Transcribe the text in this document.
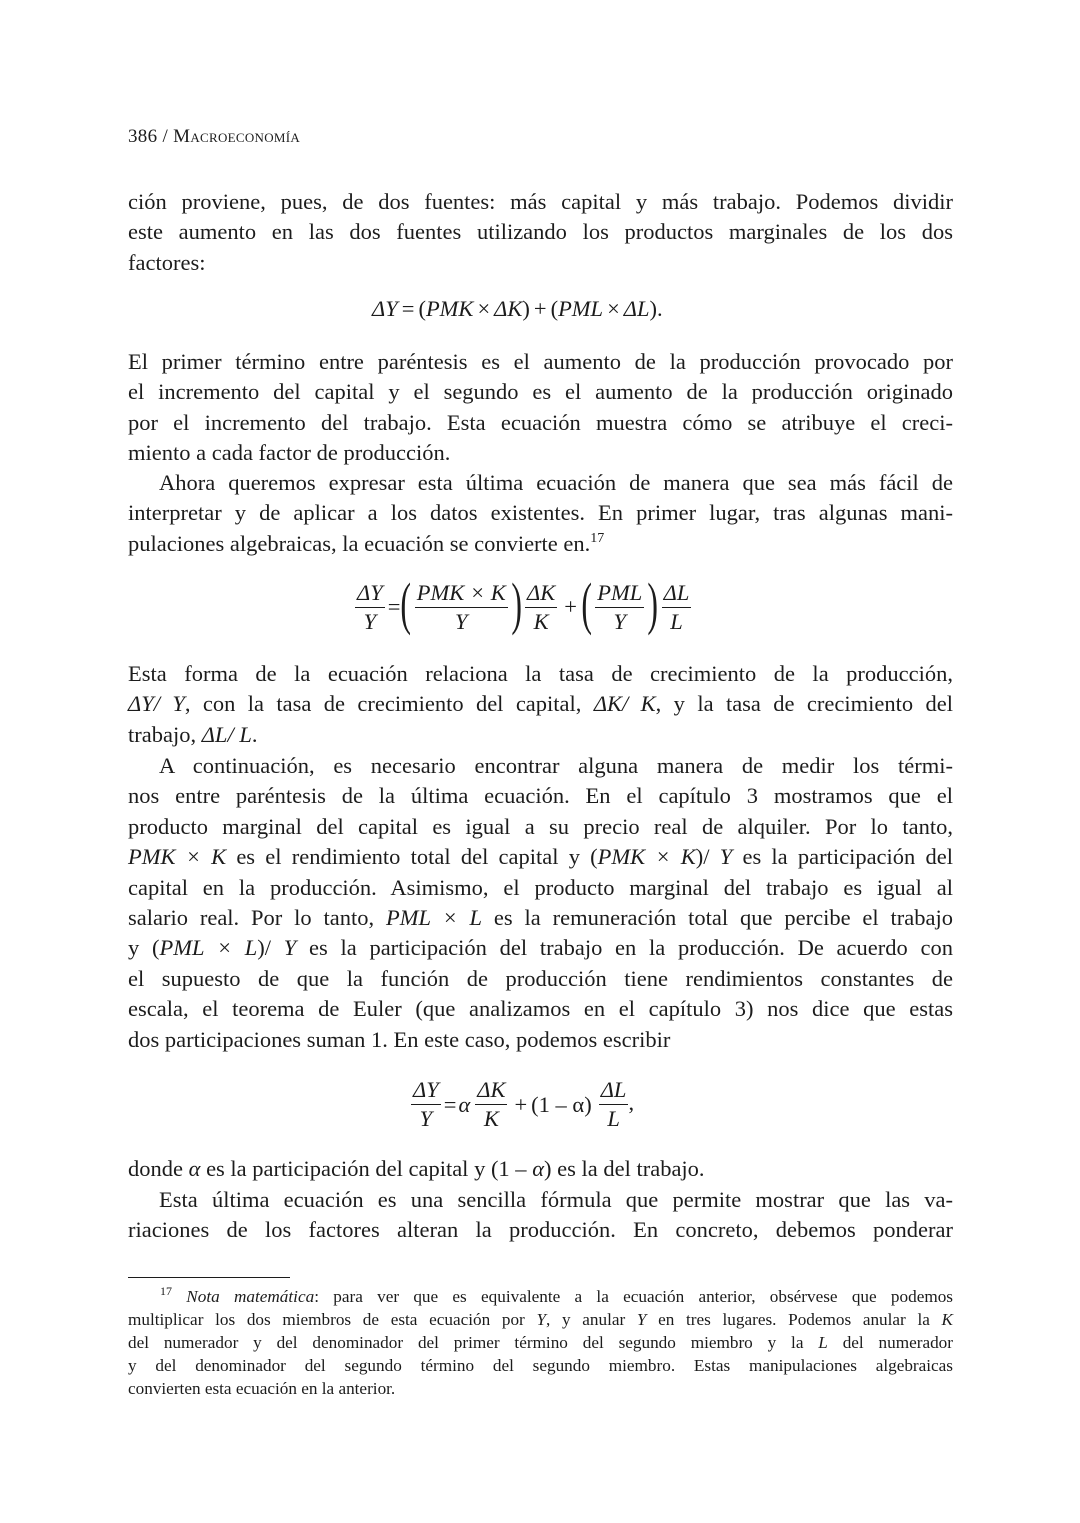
386 / Macroeconomía
ción proviene, pues, de dos fuentes: más capital y más trabajo. Podemos dividir
este aumento en las dos fuentes utilizando los productos marginales de los dos
factores:
ΔY = ( PMK × ΔK ) + ( PML × ΔL ).
El primer término entre paréntesis es el aumento de la producción provocado por
el incremento del capital y el segundo es el aumento de la producción originado
por el incremento del trabajo. Esta ecuación muestra cómo se atribuye el creci-
miento a cada factor de producción.
Ahora queremos expresar esta última ecuación de manera que sea más fácil de
interpretar y de aplicar a los datos existentes. En primer lugar, tras algunas mani-
pulaciones algebraicas, la ecuación se convierte en.$^{17}$
$\frac{\Delta Y}{Y}$ = ( $\frac{\text{PMK × K}}{Y}$ ) $\frac{\Delta K}{K}$ + ( $\frac{\text{PML}}{Y}$ ) $\frac{\Delta L}{L}$
Esta forma de la ecuación relaciona la tasa de crecimiento de la producción,
ΔY/ Y, con la tasa de crecimiento del capital, ΔK/ K, y la tasa de crecimiento del
trabajo, ΔL/ L.
A continuación, es necesario encontrar alguna manera de medir los térmi-
nos entre paréntesis de la última ecuación. En el capítulo 3 mostramos que el
producto marginal del capital es igual a su precio real de alquiler. Por lo tanto,
PMK × K es el rendimiento total del capital y (PMK × K)/ Y es la participación del
capital en la producción. Asimismo, el producto marginal del trabajo es igual al
salario real. Por lo tanto, PML × L es la remuneración total que percibe el trabajo
y (PML × L)/ Y es la participación del trabajo en la producción. De acuerdo con
el supuesto de que la función de producción tiene rendimientos constantes de
escala, el teorema de Euler (que analizamos en el capítulo 3) nos dice que estas
dos participaciones suman 1. En este caso, podemos escribir
$\frac{\Delta Y}{Y} = \alpha \frac{\Delta K}{K} + (1 - \alpha) \frac{\Delta L}{L}$ ,
donde α es la participación del capital y (1 – α) es la del trabajo.
Esta última ecuación es una sencilla fórmula que permite mostrar que las va-
riaciones de los factores alteran la producción. En concreto, debemos ponderar
$^{17}$ Nota matemática: para ver que es equivalente a la ecuación anterior, obsérvese que podemos
multiplicar los dos miembros de esta ecuación por Y, y anular Y en tres lugares. Podemos anular la K
del numerador y del denominador del primer término del segundo miembro y la L del numerador
y del denominador del segundo término del segundo miembro. Estas manipulaciones algebraicas
convierten esta ecuación en la anterior.
